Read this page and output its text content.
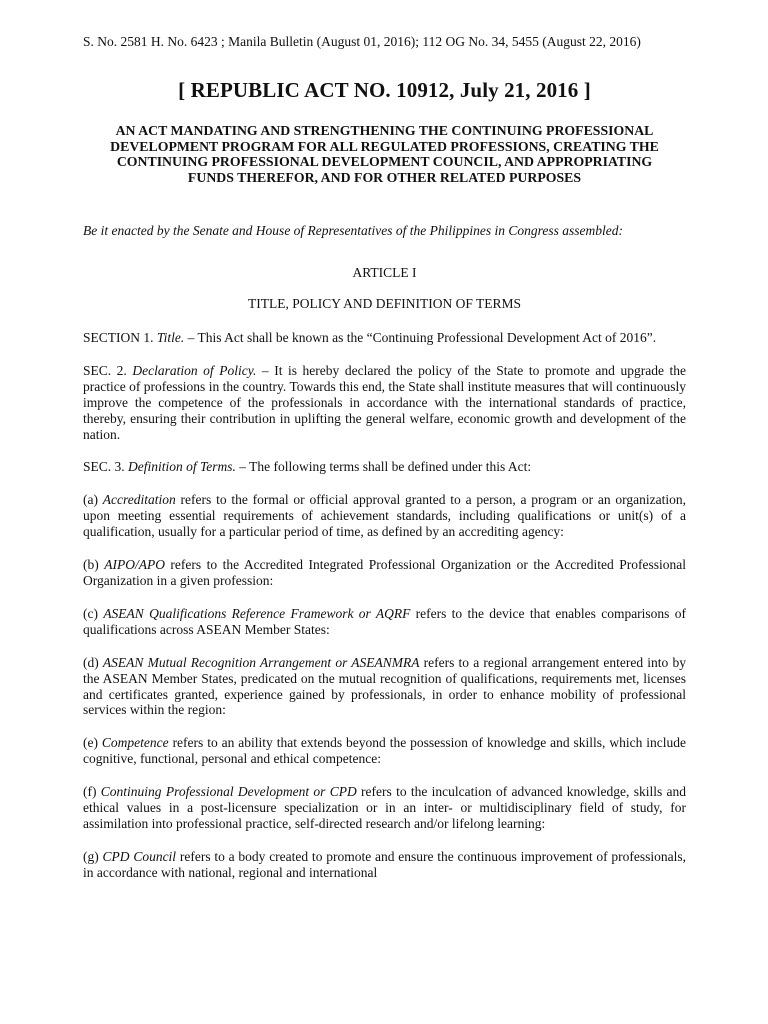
S. No. 2581 H. No. 6423 ; Manila Bulletin (August 01, 2016); 112 OG No. 34, 5455 (August 22, 2016)

[ REPUBLIC ACT NO. 10912, July 21, 2016 ]
AN ACT MANDATING AND STRENGTHENING THE CONTINUING PROFESSIONAL DEVELOPMENT PROGRAM FOR ALL REGULATED PROFESSIONS, CREATING THE CONTINUING PROFESSIONAL DEVELOPMENT COUNCIL, AND APPROPRIATING FUNDS THEREFOR, AND FOR OTHER RELATED PURPOSES

Be it enacted by the Senate and House of Representatives of the Philippines in Congress assembled:

ARTICLE I

TITLE, POLICY AND DEFINITION OF TERMS

SECTION 1. Title. – This Act shall be known as the “Continuing Professional Development Act of 2016”.

SEC. 2. Declaration of Policy. – It is hereby declared the policy of the State to promote and upgrade the practice of professions in the country. Towards this end, the State shall institute measures that will continuously improve the competence of the professionals in accordance with the international standards of practice, thereby, ensuring their contribution in uplifting the general welfare, economic growth and development of the nation.

SEC. 3. Definition of Terms. – The following terms shall be defined under this Act:

(a) Accreditation refers to the formal or official approval granted to a person, a program or an organization, upon meeting essential requirements of achievement standards, including qualifications or unit(s) of a qualification, usually for a particular period of time, as defined by an accrediting agency:

(b) AIPO/APO refers to the Accredited Integrated Professional Organization or the Accredited Professional Organization in a given profession:

(c) ASEAN Qualifications Reference Framework or AQRF refers to the device that enables comparisons of qualifications across ASEAN Member States:

(d) ASEAN Mutual Recognition Arrangement or ASEANMRA refers to a regional arrangement entered into by the ASEAN Member States, predicated on the mutual recognition of qualifications, requirements met, licenses and certificates granted, experience gained by professionals, in order to enhance mobility of professional services within the region:

(e) Competence refers to an ability that extends beyond the possession of knowledge and skills, which include cognitive, functional, personal and ethical competence:

(f) Continuing Professional Development or CPD refers to the inculcation of advanced knowledge, skills and ethical values in a post-licensure specialization or in an inter- or multidisciplinary field of study, for assimilation into professional practice, self-directed research and/or lifelong learning:

(g) CPD Council refers to a body created to promote and ensure the continuous improvement of professionals, in accordance with national, regional and international
